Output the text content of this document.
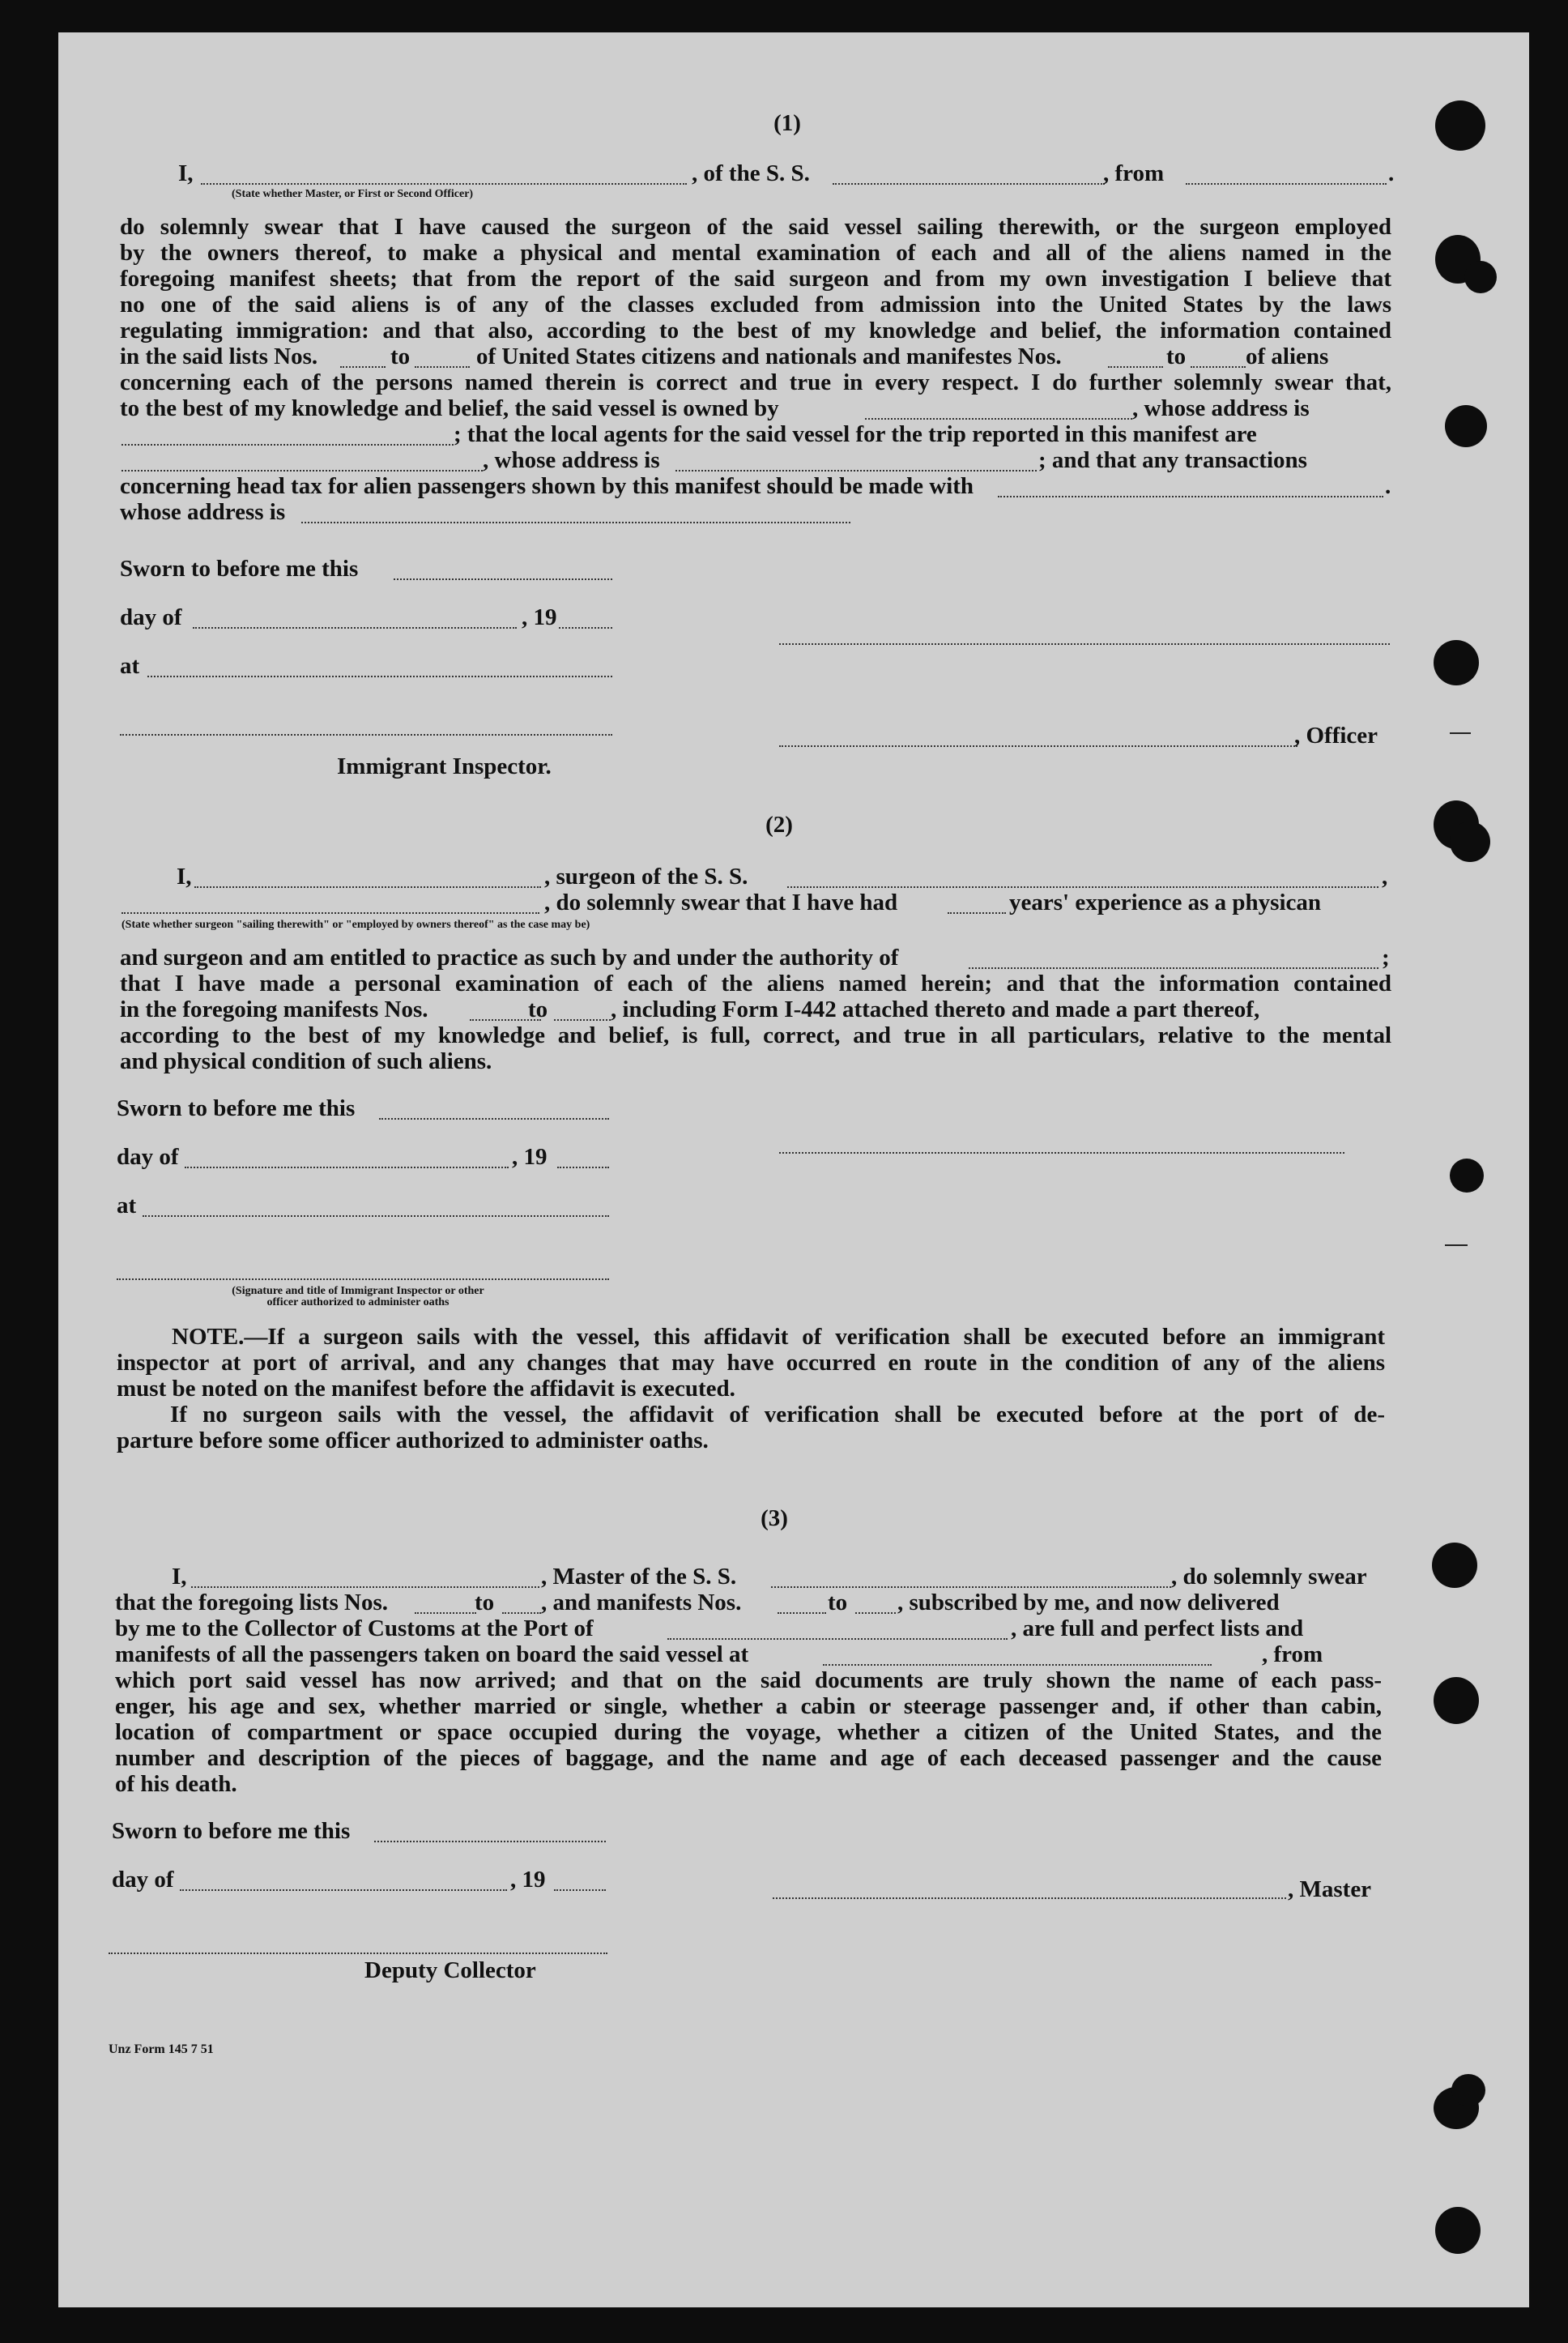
(1)
I,	, of the S. S.	, from	.
(State whether Master, or First or Second Officer)
do solemnly swear that I have caused the surgeon of the said vessel sailing therewith, or the surgeon employed
by the owners thereof, to make a physical and mental examination of each and all of the aliens named in the
foregoing manifest sheets; that from the report of the said surgeon and from my own investigation I believe that
no one of the said aliens is of any of the classes excluded from admission into the United States by the laws
regulating immigration: and that also, according to the best of my knowledge and belief, the information contained
in the said lists Nos.	to	of United States citizens and nationals and manifestes Nos.	to	of aliens
concerning each of the persons named therein is correct and true in every respect. I do further solemnly swear that,
to the best of my knowledge and belief, the said vessel is owned by	, whose address is
; that the local agents for the said vessel for the trip reported in this manifest are
, whose address is	; and that any transactions
concerning head tax for alien passengers shown by this manifest should be made with	.
whose address is
Sworn to before me this
day of	, 19
at
, Officer
Immigrant Inspector.
(2)
I,	, surgeon of the S. S.	,
, do solemnly swear that I have had	years' experience as a physican
(State whether surgeon "sailing therewith" or "employed by owners thereof" as the case may be)
and surgeon and am entitled to practice as such by and under the authority of	;
that I have made a personal examination of each of the aliens named herein; and that the information contained
in the foregoing manifests Nos.	to	, including Form I-442 attached thereto and made a part thereof,
according to the best of my knowledge and belief, is full, correct, and true in all particulars, relative to the mental
and physical condition of such aliens.
Sworn to before me this
day of	, 19
at
(Signature and title of Immigrant Inspector or other
officer authorized to administer oaths
NOTE.—If a surgeon sails with the vessel, this affidavit of verification shall be executed before an immigrant
inspector at port of arrival, and any changes that may have occurred en route in the condition of any of the aliens
must be noted on the manifest before the affidavit is executed.
If no surgeon sails with the vessel, the affidavit of verification shall be executed before at the port of de-
parture before some officer authorized to administer oaths.
(3)
I,	, Master of the S. S.	, do solemnly swear
that the foregoing lists Nos.	to , and manifests Nos.	to , subscribed by me, and now delivered
by me to the Collector of Customs at the Port of	, are full and perfect lists and
manifests of all the passengers taken on board the said vessel at	, from
which port said vessel has now arrived; and that on the said documents are truly shown the name of each pass-
enger, his age and sex, whether married or single, whether a cabin or steerage passenger and, if other than cabin,
location of compartment or space occupied during the voyage, whether a citizen of the United States, and the
number and description of the pieces of baggage, and the name and age of each deceased passenger and the cause
of his death.
Sworn to before me this
day of	, 19	, Master
Deputy Collector
Unz Form 145 7 51
